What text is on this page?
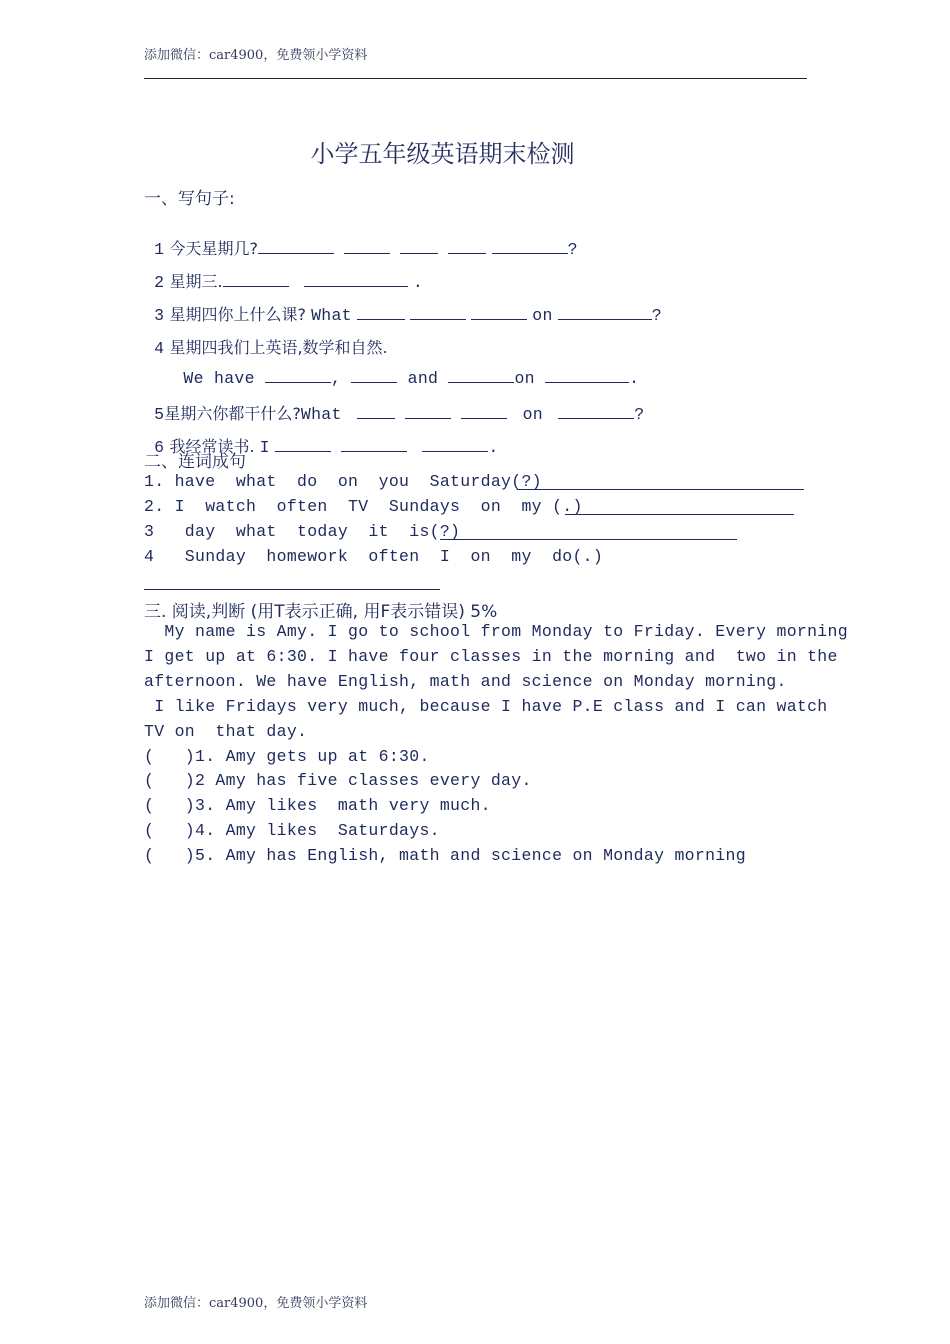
添加微信：car4900，免费领小学资料
小学五年级英语期末检测
一、写句子:

1 今天星期几?	?

2 星期三.	.

3 星期四你上什么课? What	on	?

4 星期四我们上英语,数学和自然.

We have	,	and	on	.

5星期六你都干什么?What	on	?

6 我经常读书. I	.

二、连词成句
1. have  what  do  on  you  Saturday(?)
2. I  watch  often  TV  Sundays  on  my (.)
3   day  what  today  it  is(?)
4   Sunday  homework  often  I  on  my  do(.)
三. 阅读,判断 (用T表示正确, 用F表示错误) 5%
My name is Amy. I go to school from Monday to Friday. Every morning
I get up at 6:30. I have four classes in the morning and  two in the
afternoon. We have English, math and science on Monday morning.
I like Fridays very much, because I have P.E class and I can watch
TV on  that day.
(   )1. Amy gets up at 6:30.
(   )2 Amy has five classes every day.
(   )3. Amy likes  math very much.
(   )4. Amy likes  Saturdays.
(   )5. Amy has English, math and science on Monday morning
添加微信：car4900，免费领小学资料
